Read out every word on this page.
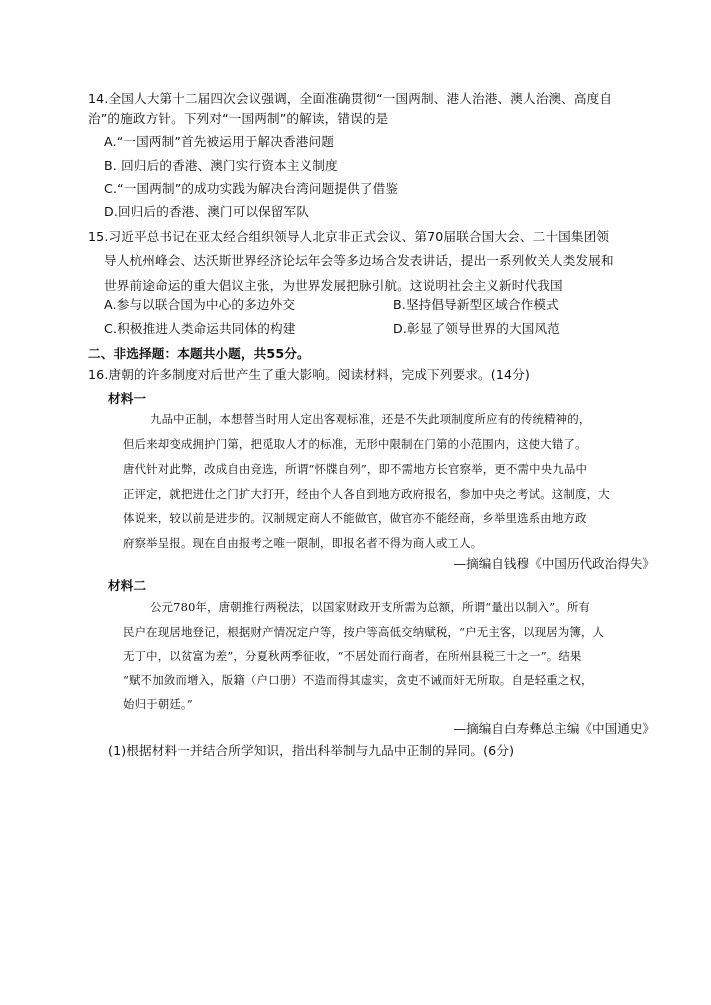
14.全国人大第十二届四次会议强调，全面准确贯彻“一国两制、港人治港、澳人治澳、高度自
治”的施政方针。下列对“一国两制”的解读，错误的是
A.“一国两制”首先被运用于解决香港问题
B. 回归后的香港、澳门实行资本主义制度
C.“一国两制”的成功实践为解决台湾问题提供了借鉴
D.回归后的香港、澳门可以保留军队
15.习近平总书记在亚太经合组织领导人北京非正式会议、第70届联合国大会、二十国集团领
导人杭州峰会、达沃斯世界经济论坛年会等多边场合发表讲话，提出一系列攸关人类发展和
世界前途命运的重大倡议主张，为世界发展把脉引航。这说明社会主义新时代我国
A.参与以联合国为中心的多边外交	B.坚持倡导新型区域合作模式
C.积极推进人类命运共同体的构建	D.彰显了领导世界的大国风范
二、非选择题：本题共小题，共55分。
16.唐朝的许多制度对后世产生了重大影响。阅读材料，完成下列要求。(14分)
材料一
九品中正制，本想替当时用人定出客观标准，还是不失此项制度所应有的传统精神的，
但后来却变成拥护门第，把觅取人才的标准，无形中限制在门第的小范围内，这使大错了。
唐代针对此弊，改成自由竞选，所谓“怀牒自列”，即不需地方长官察举，更不需中央九品中
正评定，就把进仕之门扩大打开，经由个人各自到地方政府报名，参加中央之考试。这制度，大
体说来，较以前是进步的。汉制规定商人不能做官，做官亦不能经商，乡举里选系由地方政
府察举呈报。现在自由报考之唯一限制，即报名者不得为商人或工人。
—摘编自钱穆《中国历代政治得失》
材料二
公元780年，唐朝推行两税法，以国家财政开支所需为总额，所谓“量出以制入”。所有
民户在现居地登记，根据财产情况定户等，按户等高低交纳赋税，“户无主客，以现居为簿，人
无丁中，以贫富为差”，分夏秋两季征收，“不居处而行商者，在所州县税三十之一”。结果
“赋不加敛而增入，版籍（户口册）不造而得其虚实，贪吏不诫而奸无所取。自是轻重之权，
始归于朝廷。”
—摘编自白寿彝总主编《中国通史》
(1)根据材料一并结合所学知识，指出科举制与九品中正制的异同。(6分)
